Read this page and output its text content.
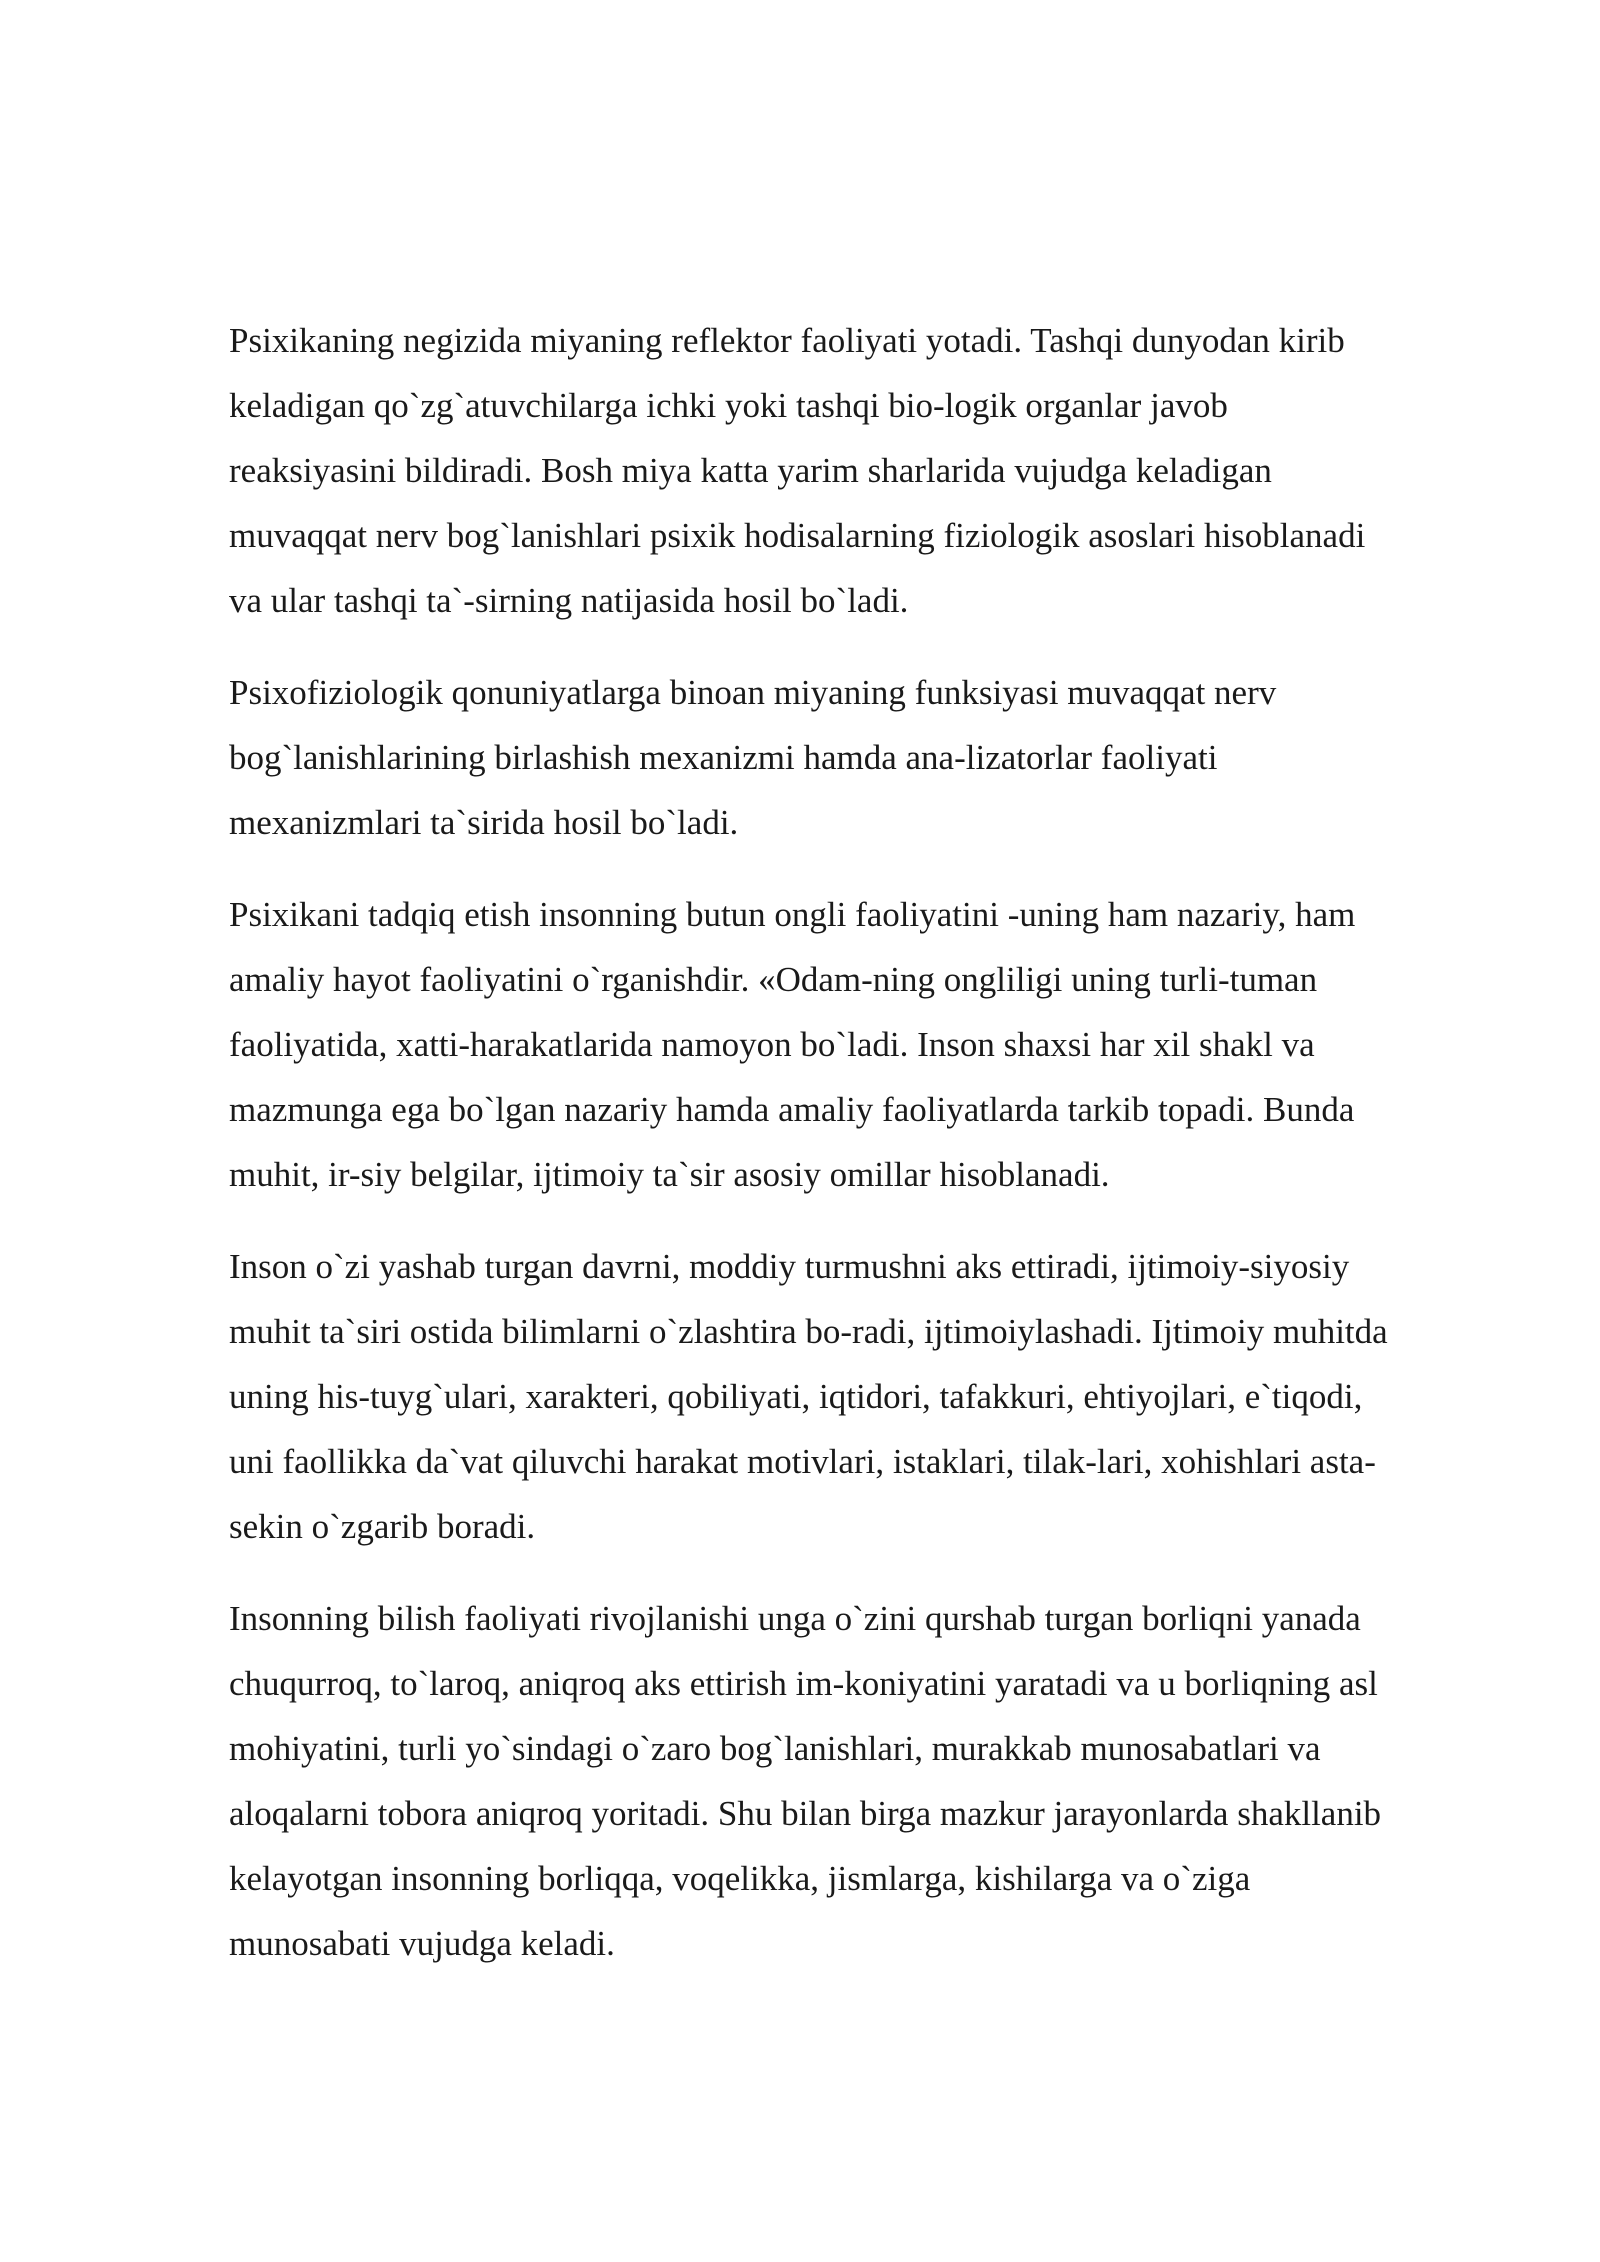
Psixikaning negizida miyaning reflektor faoliyati yotadi. Tashqi dunyodan kirib
keladigan qo`zg`atuvchilarga ichki yoki tashqi bio-logik organlar javob
reaksiyasini bildiradi. Bosh miya katta yarim sharlarida vujudga keladigan
muvaqqat nerv bog`lanishlari psixik hodisalarning fiziologik asoslari hisoblanadi
va ular tashqi ta`-sirning natijasida hosil bo`ladi.

Psixofiziologik qonuniyatlarga binoan miyaning funksiyasi muvaqqat nerv
bog`lanishlarining birlashish mexanizmi hamda ana-lizatorlar faoliyati
mexanizmlari ta`sirida hosil bo`ladi.

Psixikani tadqiq etish insonning butun ongli faoliyatini -uning ham nazariy, ham
amaliy hayot faoliyatini o`rganishdir. «Odam-ning ongliligi uning turli-tuman
faoliyatida, xatti-harakatlarida namoyon bo`ladi. Inson shaxsi har xil shakl va
mazmunga ega bo`lgan nazariy hamda amaliy faoliyatlarda tarkib topadi. Bunda
muhit, ir-siy belgilar, ijtimoiy ta`sir asosiy omillar hisoblanadi.

Inson o`zi yashab turgan davrni, moddiy turmushni aks ettiradi, ijtimoiy-siyosiy
muhit ta`siri ostida bilimlarni o`zlashtira bo-radi, ijtimoiylashadi. Ijtimoiy muhitda
uning his-tuyg`ulari, xarakteri, qobiliyati, iqtidori, tafakkuri, ehtiyojlari, e`tiqodi,
uni faollikka da`vat qiluvchi harakat motivlari, istaklari, tilak-lari, xohishlari asta-
sekin o`zgarib boradi.

Insonning bilish faoliyati rivojlanishi unga o`zini qurshab turgan borliqni yanada
chuqurroq, to`laroq, aniqroq aks ettirish im-koniyatini yaratadi va u borliqning asl
mohiyatini, turli yo`sindagi o`zaro bog`lanishlari, murakkab munosabatlari va
aloqalarni tobora aniqroq yoritadi. Shu bilan birga mazkur jarayonlarda shakllanib
kelayotgan insonning borliqqa, voqelikka, jismlarga, kishilarga va o`ziga
munosabati vujudga keladi.
